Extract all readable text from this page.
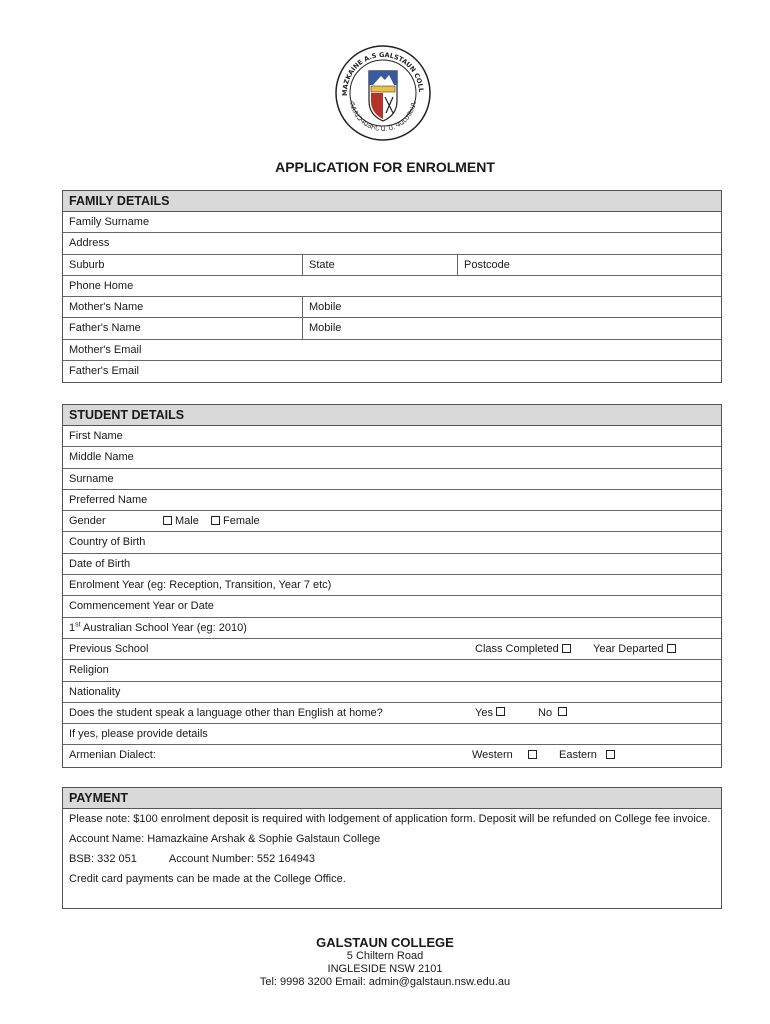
MAZKAINE A.S GALSTAUN COLL
ՀԱՄԱԶԳԱՅԻՆ Ա. Ս. ԳԱԼՍՏԵԱՆ
APPLICATION FOR ENROLMENT
FAMILY DETAILS
Family Surname
Address
Suburb	State	Postcode
Phone Home
Mother's Name	Mobile
Father's Name	Mobile
Mother's Email
Father's Email
STUDENT DETAILS
First Name
Middle Name
Surname
Preferred Name
Gender	Male	Female
Country of Birth
Date of Birth
Enrolment Year (eg: Reception, Transition, Year 7 etc)
Commencement Year or Date
1st Australian School Year (eg: 2010)
Previous School	Class Completed	Year Departed
Religion
Nationality
Does the student speak a language other than English at home?	Yes	No
If yes, please provide details
Armenian Dialect:	Western	Eastern
PAYMENT

Please note: $100 enrolment deposit is required with lodgement of application form. Deposit will be refunded on College fee invoice.

Account Name: Hamazkaine Arshak & Sophie Galstaun College

BSB: 332 051	Account Number: 552 164943

Credit card payments can be made at the College Office.

GALSTAUN COLLEGE
5 Chiltern Road
INGLESIDE NSW 2101
Tel: 9998 3200 Email: admin@galstaun.nsw.edu.au
